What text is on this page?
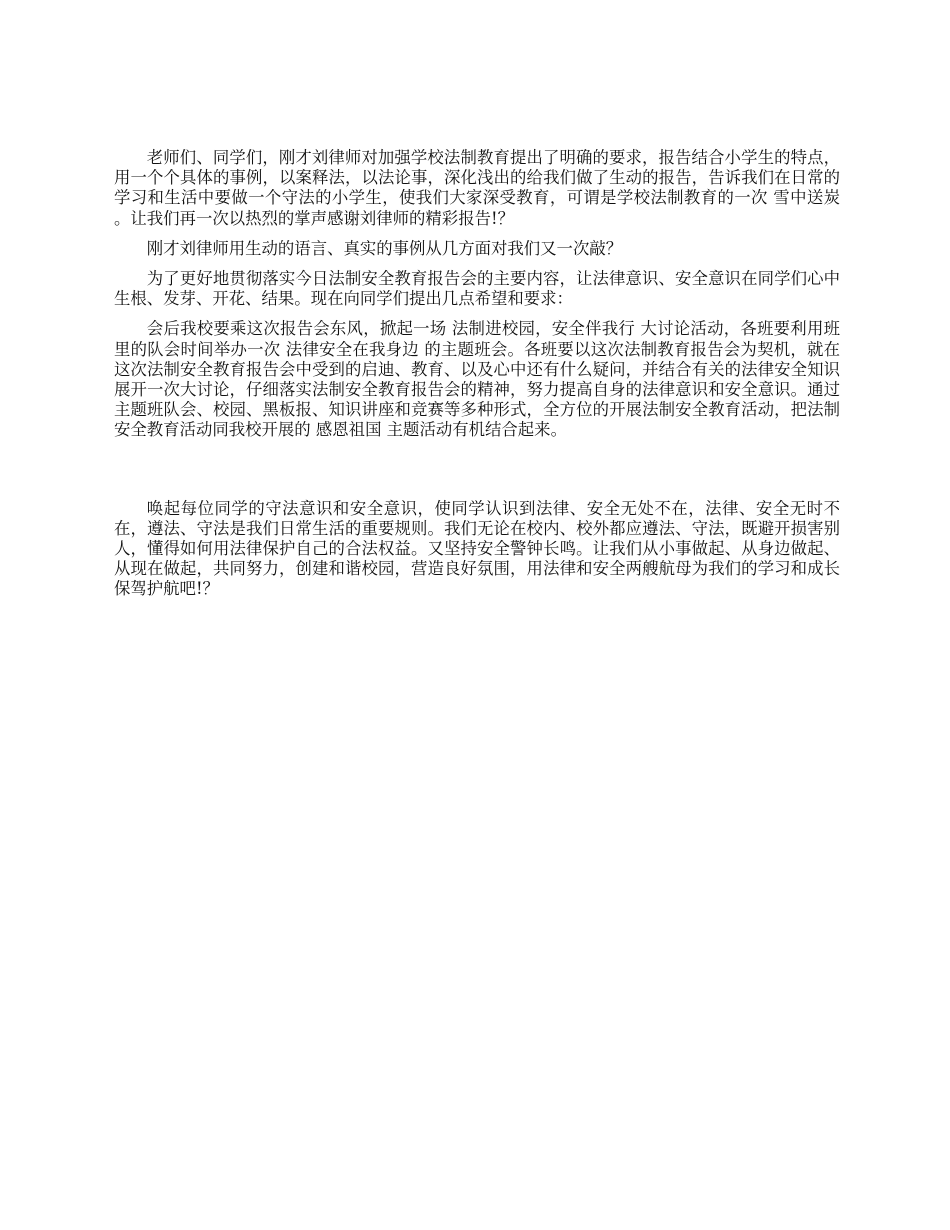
老师们、同学们，刚才刘律师对加强学校法制教育提出了明确的要求，报告结合小学生的特点，用一个个具体的事例，以案释法，以法论事，深化浅出的给我们做了生动的报告，告诉我们在日常的学习和生活中要做一个守法的小学生，使我们大家深受教育，可谓是学校法制教育的一次 雪中送炭 。让我们再一次以热烈的掌声感谢刘律师的精彩报告!？

刚才刘律师用生动的语言、真实的事例从几方面对我们又一次敲？

为了更好地贯彻落实今日法制安全教育报告会的主要内容，让法律意识、安全意识在同学们心中生根、发芽、开花、结果。现在向同学们提出几点希望和要求：

会后我校要乘这次报告会东风，掀起一场 法制进校园，安全伴我行 大讨论活动，各班要利用班里的队会时间举办一次 法律安全在我身边 的主题班会。各班要以这次法制教育报告会为契机，就在这次法制安全教育报告会中受到的启迪、教育、以及心中还有什么疑问，并结合有关的法律安全知识展开一次大讨论，仔细落实法制安全教育报告会的精神，努力提高自身的法律意识和安全意识。通过主题班队会、校园、黑板报、知识讲座和竞赛等多种形式，全方位的开展法制安全教育活动，把法制安全教育活动同我校开展的 感恩祖国 主题活动有机结合起来。

唤起每位同学的守法意识和安全意识，使同学认识到法律、安全无处不在，法律、安全无时不在，遵法、守法是我们日常生活的重要规则。我们无论在校内、校外都应遵法、守法，既避开损害别人，懂得如何用法律保护自己的合法权益。又坚持安全警钟长鸣。让我们从小事做起、从身边做起、从现在做起，共同努力，创建和谐校园，营造良好氛围，用法律和安全两艘航母为我们的学习和成长保驾护航吧!？
